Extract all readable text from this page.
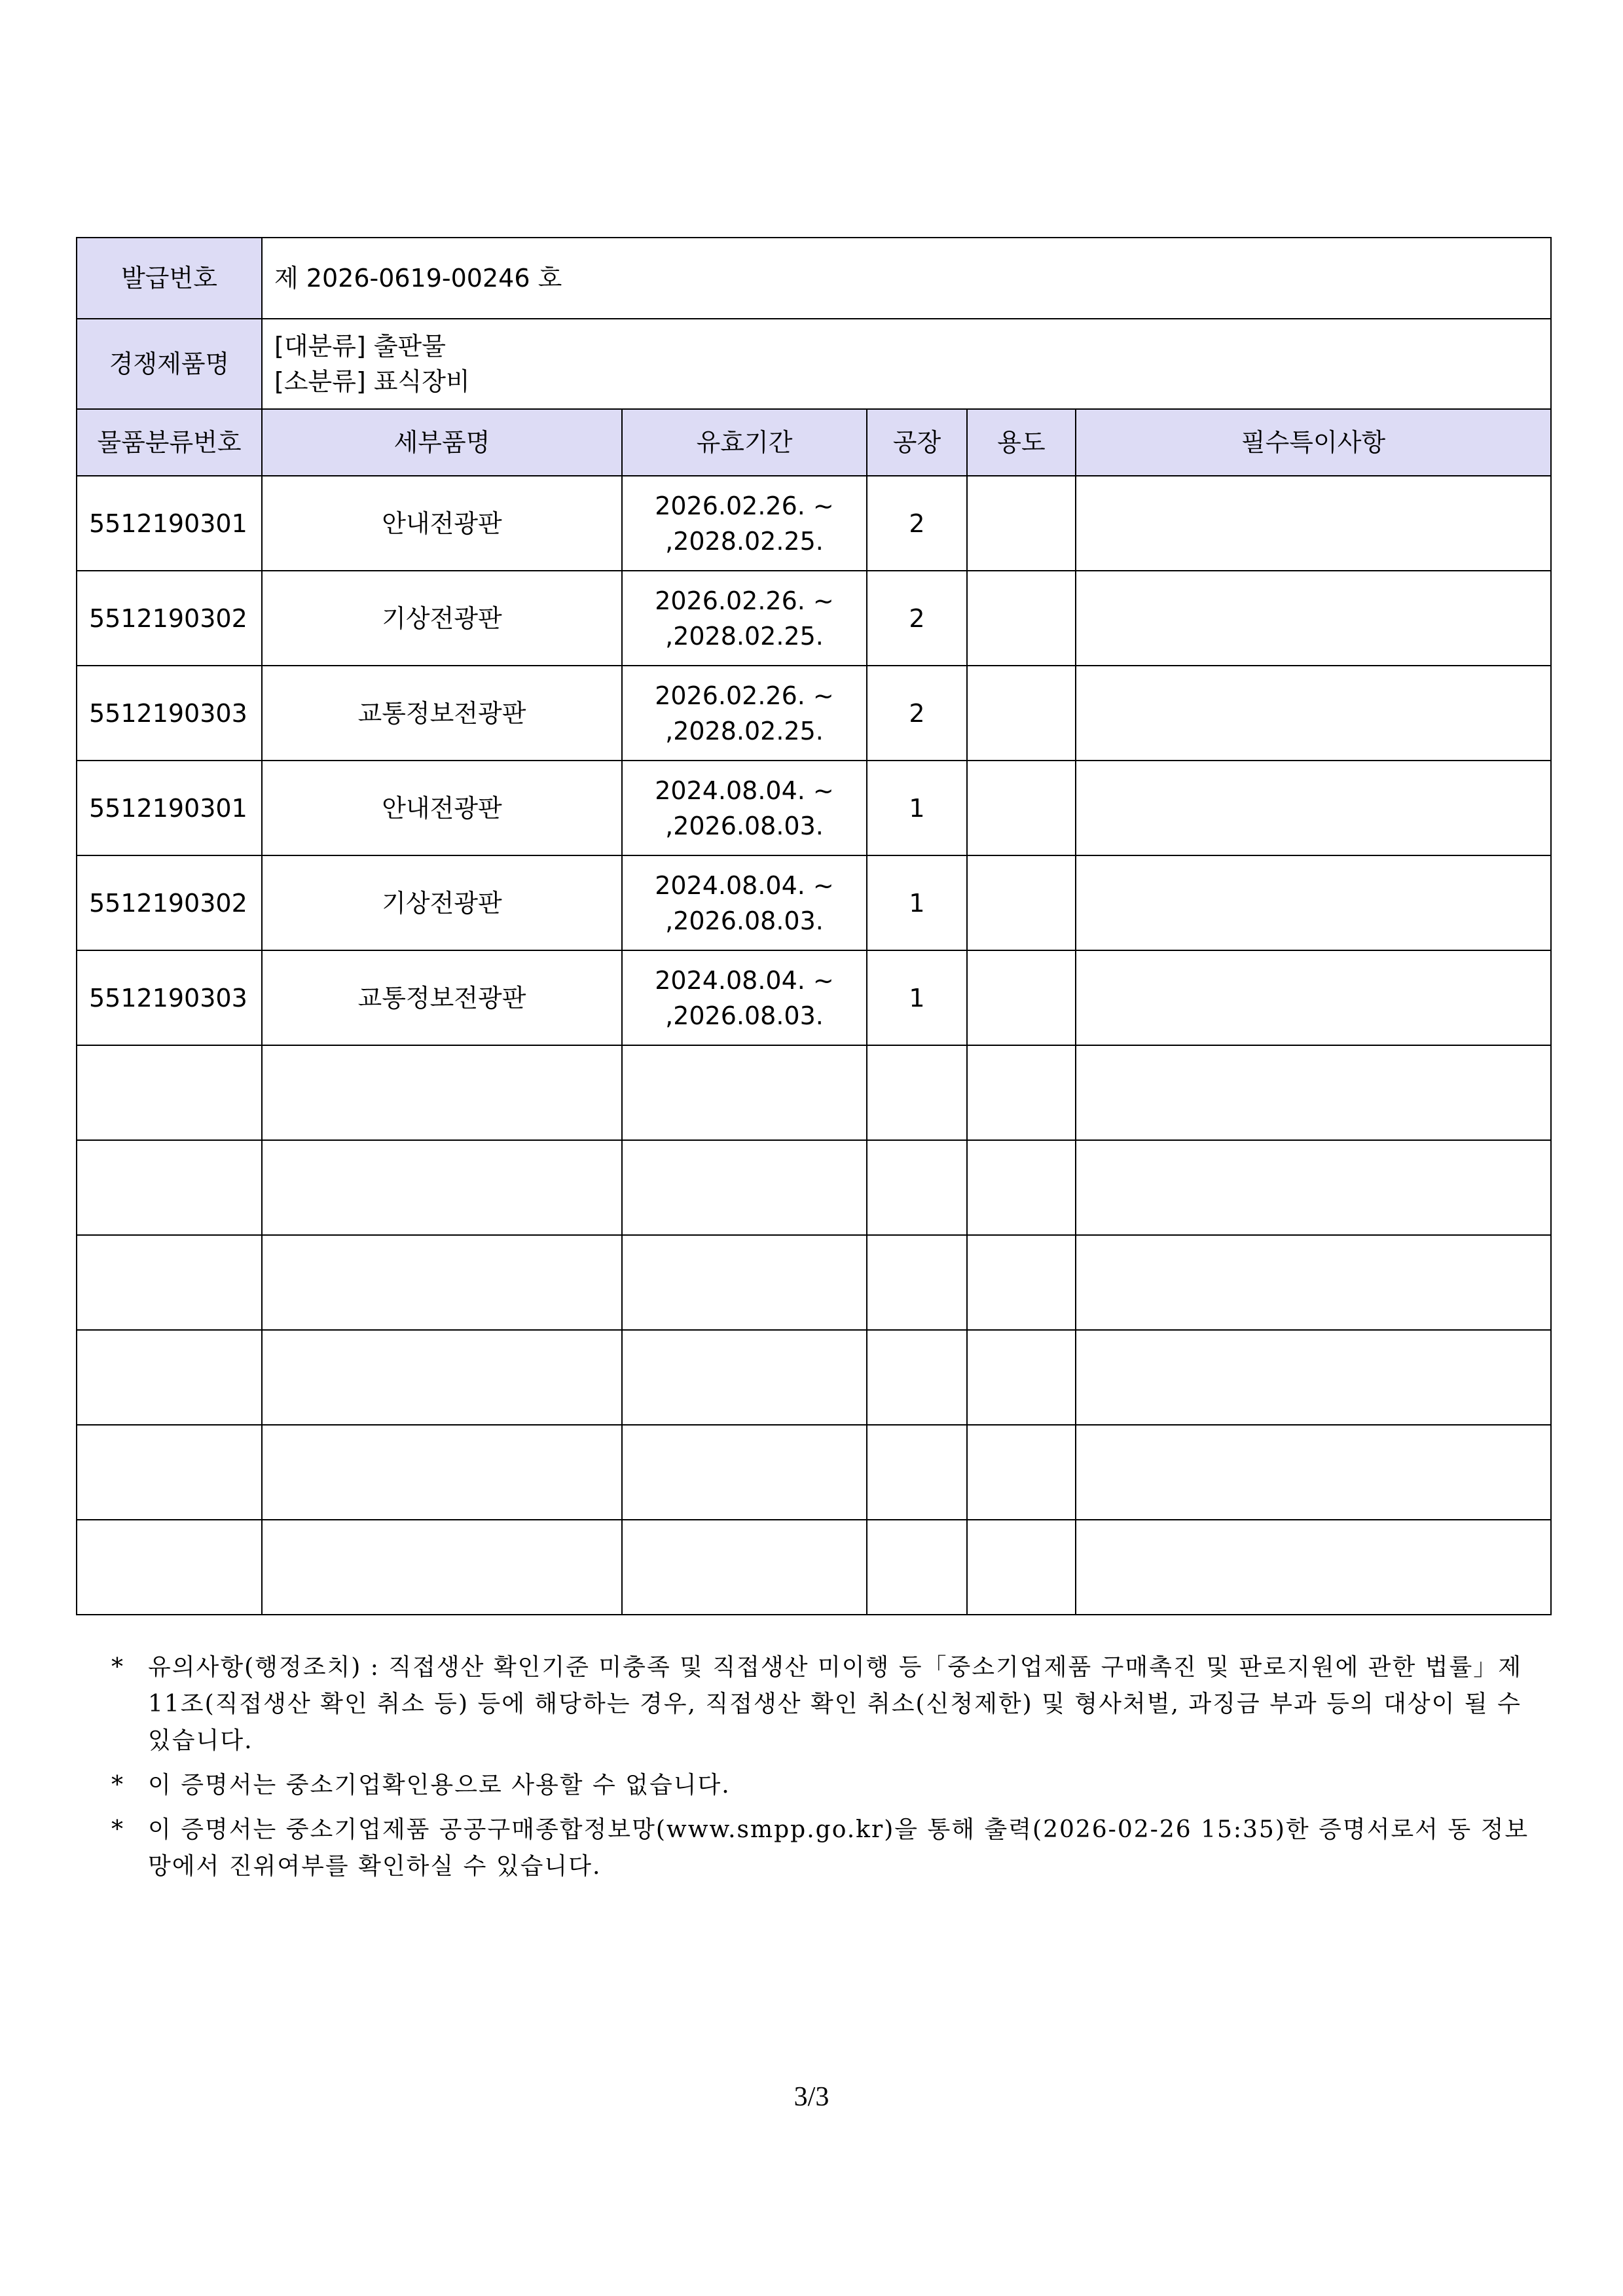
발급번호	제 2026-0619-00246 호				
경쟁제품명	[대분류] 출판물
[소분류] 표식장비				

물품분류번호	세부품명	유효기간	공장	용도	필수특이사항
5512190301	안내전광판	2026.02.26. ~
,2028.02.25.	2		
5512190302	기상전광판	2026.02.26. ~
,2028.02.25.	2		
5512190303	교통정보전광판	2026.02.26. ~
,2028.02.25.	2		
5512190301	안내전광판	2024.08.04. ~
,2026.08.03.	1		
5512190302	기상전광판	2024.08.04. ~
,2026.08.03.	1		
5512190303	교통정보전광판	2024.08.04. ~
,2026.08.03.	1		

* 유의사항(행정조치) : 직접생산 확인기준 미충족 및 직접생산 미이행 등「중소기업제품 구매촉진 및 판로지원에 관한 법률」제11조(직접생산 확인 취소 등) 등에 해당하는 경우, 직접생산 확인 취소(신청제한) 및 형사처벌, 과징금 부과 등의 대상이 될 수 있습니다.
* 이 증명서는 중소기업확인용으로 사용할 수 없습니다.
* 이 증명서는 중소기업제품 공공구매종합정보망(www.smpp.go.kr)을 통해 출력(2026-02-26 15:35)한 증명서로서 동 정보망에서 진위여부를 확인하실 수 있습니다.
3/3
